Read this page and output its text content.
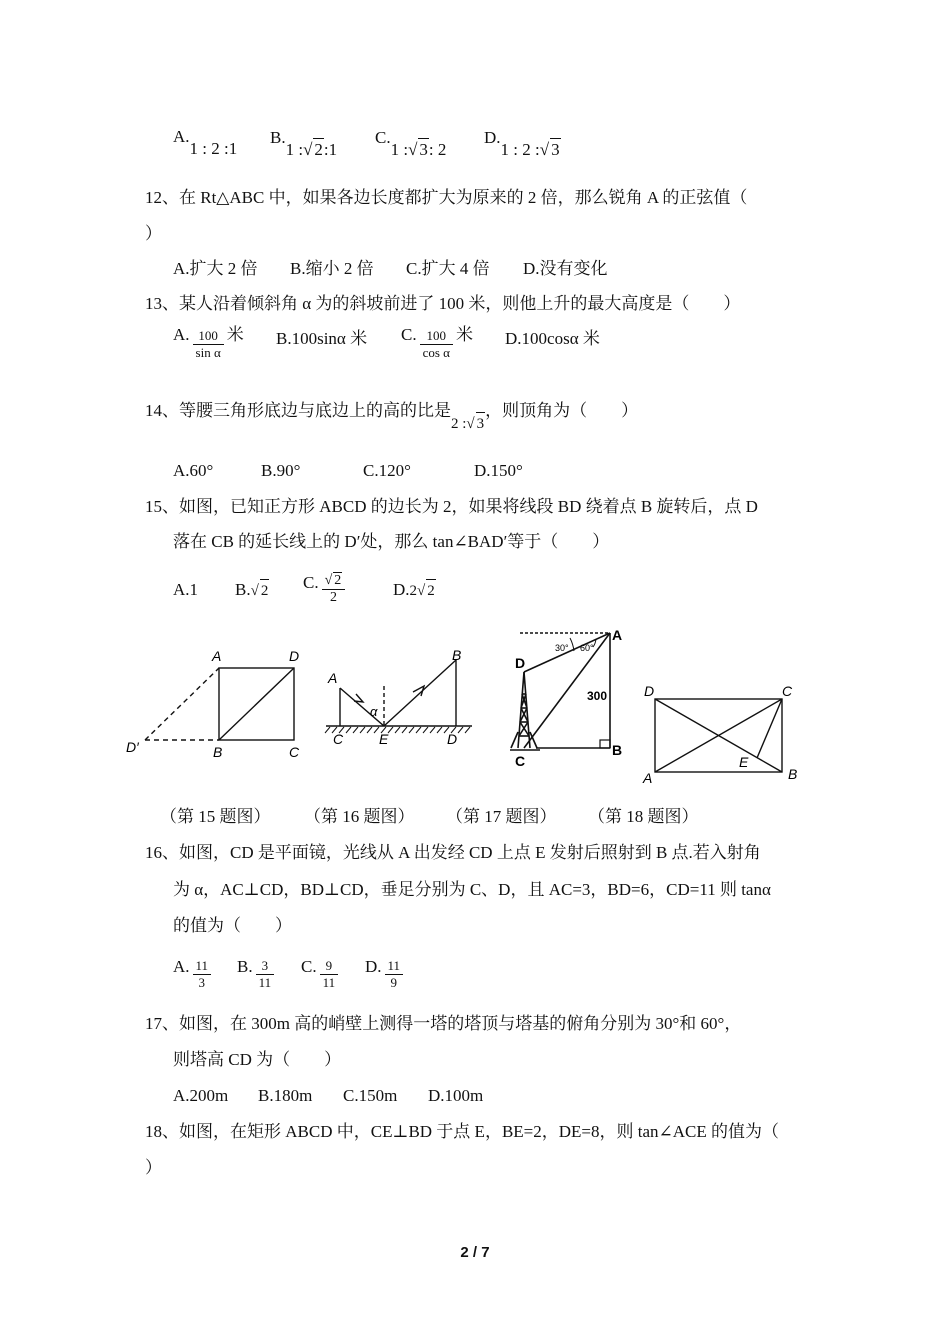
A.1 : 2 :1
B.1 :√ 2:1
C.1 :√ 3: 2
D.1 : 2 :√ 3
12、在 Rt△ABC 中，如果各边长度都扩大为原来的 2 倍，那么锐角 A 的正弦值（
）
A.扩大 2 倍 B.缩小 2 倍 C.扩大 4 倍 D.没有变化
13、某人沿着倾斜角 α 为的斜坡前进了 100 米，则他上升的最大高度是（　　）
A. $\frac{100}{\text{sin α}}$ 米 B.100sinα 米 C. $\frac{100}{\text{cos α}}$ 米 D.100cosα 米
14、等腰三角形底边与底边上的高的比是2 :√ 3，则顶角为（　　）
A.60°	B.90°	C.120°	D.150°
15、如图，已知正方形 ABCD 的边长为 2，如果将线段 BD 绕着点 B 旋转后，点 D
落在 CB 的延长线上的 D′处，那么 tan∠BAD′等于（　　）
A.1 B.√ 2 C. $\frac{√ 2}{2}$	D.2√ 2
A	D
B	C
D′
A
B
C	E	D
α
A
B
C
D
300
30° 60°
D	C
A	B
E
（第 15 题图） （第 16 题图） （第 17 题图） （第 18 题图）
16、如图，CD 是平面镜，光线从 A 出发经 CD 上点 E 发射后照射到 B 点.若入射角
为 α，AC⊥CD，BD⊥CD，垂足分别为 C、D，且 AC=3，BD=6，CD=11 则 tanα
的值为（　　）
A. $\frac{11}{3} B$. $\frac{3}{11} C$. $\frac{9}{11} D$. $\frac{11}{9}$
17、如图，在 300m 高的峭壁上测得一塔的塔顶与塔基的俯角分别为 30°和 60°，
则塔高 CD 为（　　）
A.200m B.180m C.150m D.100m
18、如图，在矩形 ABCD 中，CE⊥BD 于点 E，BE=2，DE=8，则 tan∠ACE 的值为（
）
2 / 7
